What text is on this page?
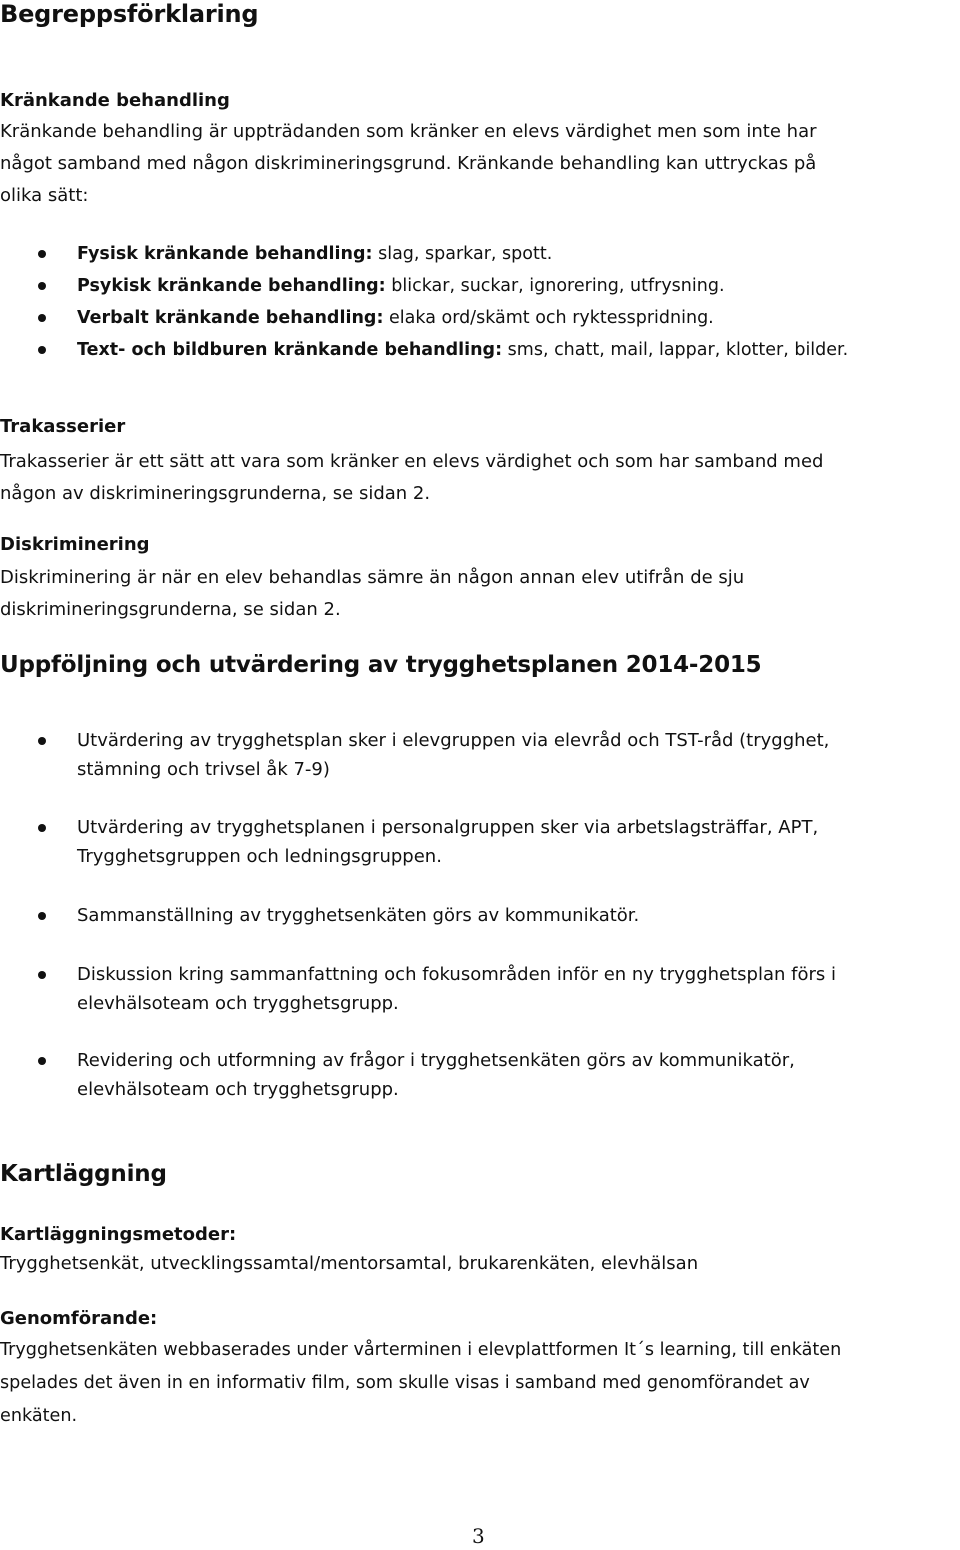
Begreppsförklaring
Kränkande behandling
Kränkande behandling är uppträdanden som kränker en elevs värdighet men som inte har
något samband med någon diskrimineringsgrund. Kränkande behandling kan uttryckas på
olika sätt:
Fysisk kränkande behandling: slag, sparkar, spott.
Psykisk kränkande behandling: blickar, suckar, ignorering, utfrysning.
Verbalt kränkande behandling: elaka ord/skämt och ryktesspridning.
Text- och bildburen kränkande behandling: sms, chatt, mail, lappar, klotter, bilder.
Trakasserier
Trakasserier är ett sätt att vara som kränker en elevs värdighet och som har samband med
någon av diskrimineringsgrunderna, se sidan 2.
Diskriminering
Diskriminering är när en elev behandlas sämre än någon annan elev utifrån de sju
diskrimineringsgrunderna, se sidan 2.
Uppföljning och utvärdering av trygghetsplanen 2014-2015
Utvärdering av trygghetsplan sker i elevgruppen via elevråd och TST-råd (trygghet,
stämning och trivsel åk 7-9)
Utvärdering av trygghetsplanen i personalgruppen sker via arbetslagsträffar, APT,
Trygghetsgruppen och ledningsgruppen.
Sammanställning av trygghetsenkäten görs av kommunikatör.
Diskussion kring sammanfattning och fokusområden inför en ny trygghetsplan förs i
elevhälsoteam och trygghetsgrupp.
Revidering och utformning av frågor i trygghetsenkäten görs av kommunikatör,
elevhälsoteam och trygghetsgrupp.
Kartläggning
Kartläggningsmetoder:
Trygghetsenkät, utvecklingssamtal/mentorsamtal, brukarenkäten, elevhälsan
Genomförande:
Trygghetsenkäten webbaserades under vårterminen i elevplattformen It´s learning, till enkäten
spelades det även in en informativ film, som skulle visas i samband med genomförandet av
enkäten.
3
